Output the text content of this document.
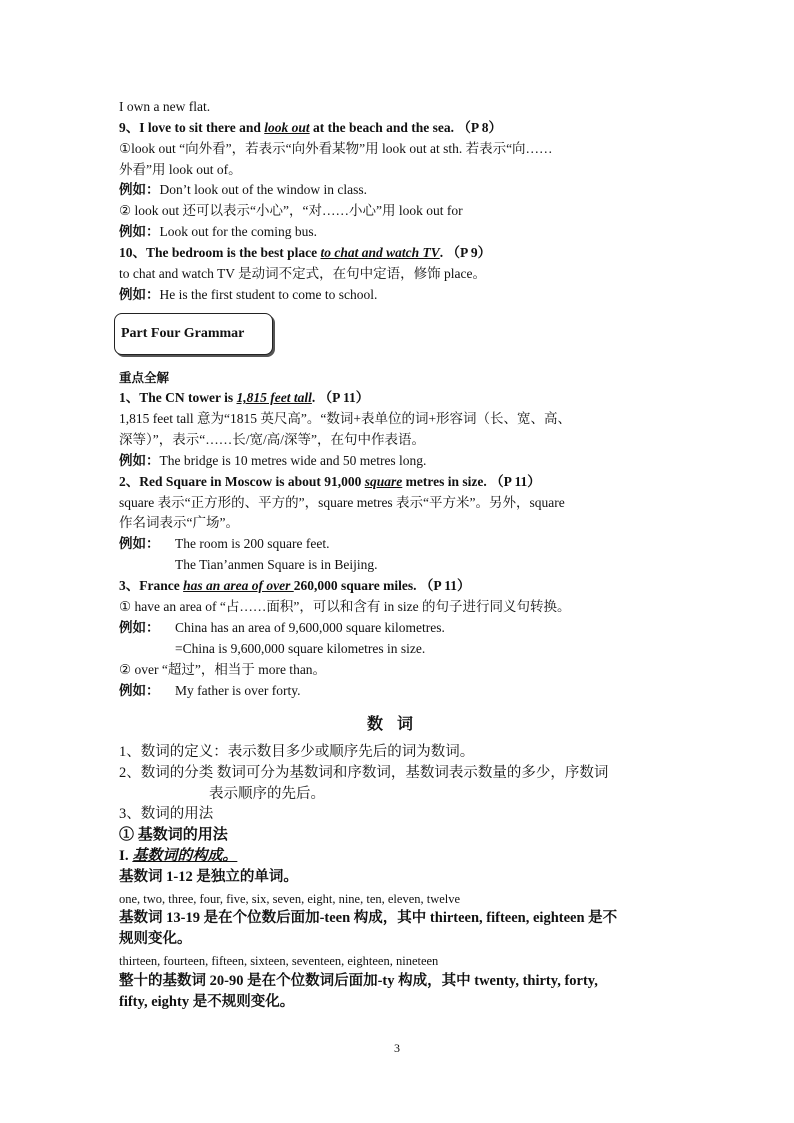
I own a new flat.
9、I love to sit there and look out at the beach and the sea. （P 8）
①look out “向外看”，若表示“向外看某物”用 look out at sth. 若表示“向……
外看”用 look out of。
例如：Don’t look out of the window in class.
② look out 还可以表示“小心”，“对……小心”用 look out for
例如：Look out for the coming bus.
10、The bedroom is the best place to chat and watch TV. （P 9）
to chat and watch TV 是动词不定式，在句中定语，修饰 place。
例如：He is the first student to come to school.
Part Four Grammar
重点全解
1、The CN tower is 1,815 feet tall. （P 11）
1,815 feet tall 意为“1815 英尺高”。“数词+表单位的词+形容词（长、宽、高、
深等）”，表示“……长/宽/高/深等”，在句中作表语。
例如：The bridge is 10 metres wide and 50 metres long.
2、Red Square in Moscow is about 91,000 square metres in size. （P 11）
square 表示“正方形的、平方的”，square metres 表示“平方米”。另外，square
作名词表示“广场”。
例如： The room is 200 square feet.
The Tian’anmen Square is in Beijing.
3、France has an area of over 260,000 square miles. （P 11）
① have an area of “占……面积”，可以和含有 in size 的句子进行同义句转换。
例如： China has an area of 9,600,000 square kilometres.
=China is 9,600,000 square kilometres in size.
② over “超过”，相当于 more than。
例如： My father is over forty.
数词
1、数词的定义：表示数目多少或顺序先后的词为数词。
2、数词的分类 数词可分为基数词和序数词，基数词表示数量的多少，序数词
表示顺序的先后。
3、数词的用法
① 基数词的用法
I. 基数词的构成。
基数词 1-12 是独立的单词。
one, two, three, four, five, six, seven, eight, nine, ten, eleven, twelve
基数词 13-19 是在个位数后面加-teen 构成，其中 thirteen, fifteen, eighteen 是不
规则变化。
thirteen, fourteen, fifteen, sixteen, seventeen, eighteen, nineteen
整十的基数词 20-90 是在个位数词后面加-ty 构成，其中 twenty, thirty, forty,
fifty, eighty 是不规则变化。
3
